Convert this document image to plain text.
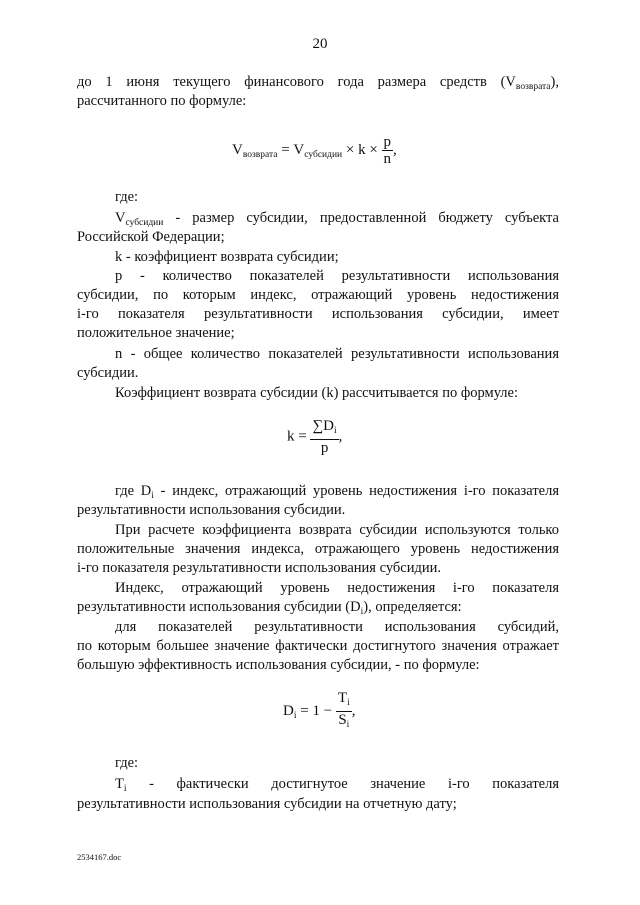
20
до 1 июня текущего финансового года размера средств $(V_{возврата})$,
рассчитанного по формуле:
$V_{возврата} = V_{субсидии} \times k \times \frac{p}{n}$ ,
где:
$V_{субсидии}$ - размер субсидии, предоставленной бюджету субъекта
Российской Федерации;
k - коэффициент возврата субсидии;
p - количество показателей результативности использования
субсидии, по которым индекс, отражающий уровень недостижения
i-го показателя результативности использования субсидии, имеет
положительное значение;
n - общее количество показателей результативности использования
субсидии.
Коэффициент возврата субсидии (k) рассчитывается по формуле:
$k = \frac{\sum D_i}{p}$ ,
где $D_i$ - индекс, отражающий уровень недостижения i-го показателя
результативности использования субсидии.
При расчете коэффициента возврата субсидии используются только
положительные значения индекса, отражающего уровень недостижения
i-го показателя результативности использования субсидии.
Индекс, отражающий уровень недостижения i-го показателя
результативности использования субсидии $(D_i)$, определяется:
для показателей результативности использования субсидий,
по которым большее значение фактически достигнутого значения отражает
большую эффективность использования субсидии, - по формуле:
$D_i = 1 - \frac{T_i}{S_i}$ ,
где:
$T_i$ - фактически достигнутое значение i-го показателя
результативности использования субсидии на отчетную дату;
2534167.doc
